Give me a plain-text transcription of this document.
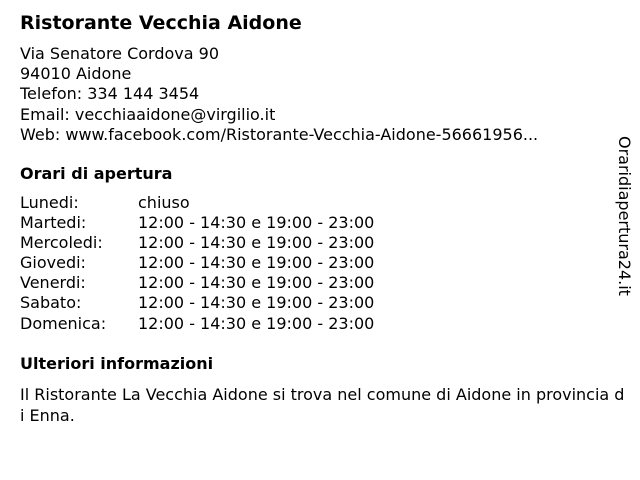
Ristorante Vecchia Aidone
Via Senatore Cordova 90
94010 Aidone
Telefon: 334 144 3454
Email: vecchiaaidone@virgilio.it
Web: www.facebook.com/Ristorante-Vecchia-Aidone-56661956...
Orari di apertura
Lunedi:	chiuso
Martedi:	12:00 - 14:30 e 19:00 - 23:00
Mercoledi:	12:00 - 14:30 e 19:00 - 23:00
Giovedi:	12:00 - 14:30 e 19:00 - 23:00
Venerdi:	12:00 - 14:30 e 19:00 - 23:00
Sabato:	12:00 - 14:30 e 19:00 - 23:00
Domenica:	12:00 - 14:30 e 19:00 - 23:00
Ulteriori informazioni
Il Ristorante La Vecchia Aidone si trova nel comune di Aidone in provincia di Enna.
Oraridiapertura24.it
